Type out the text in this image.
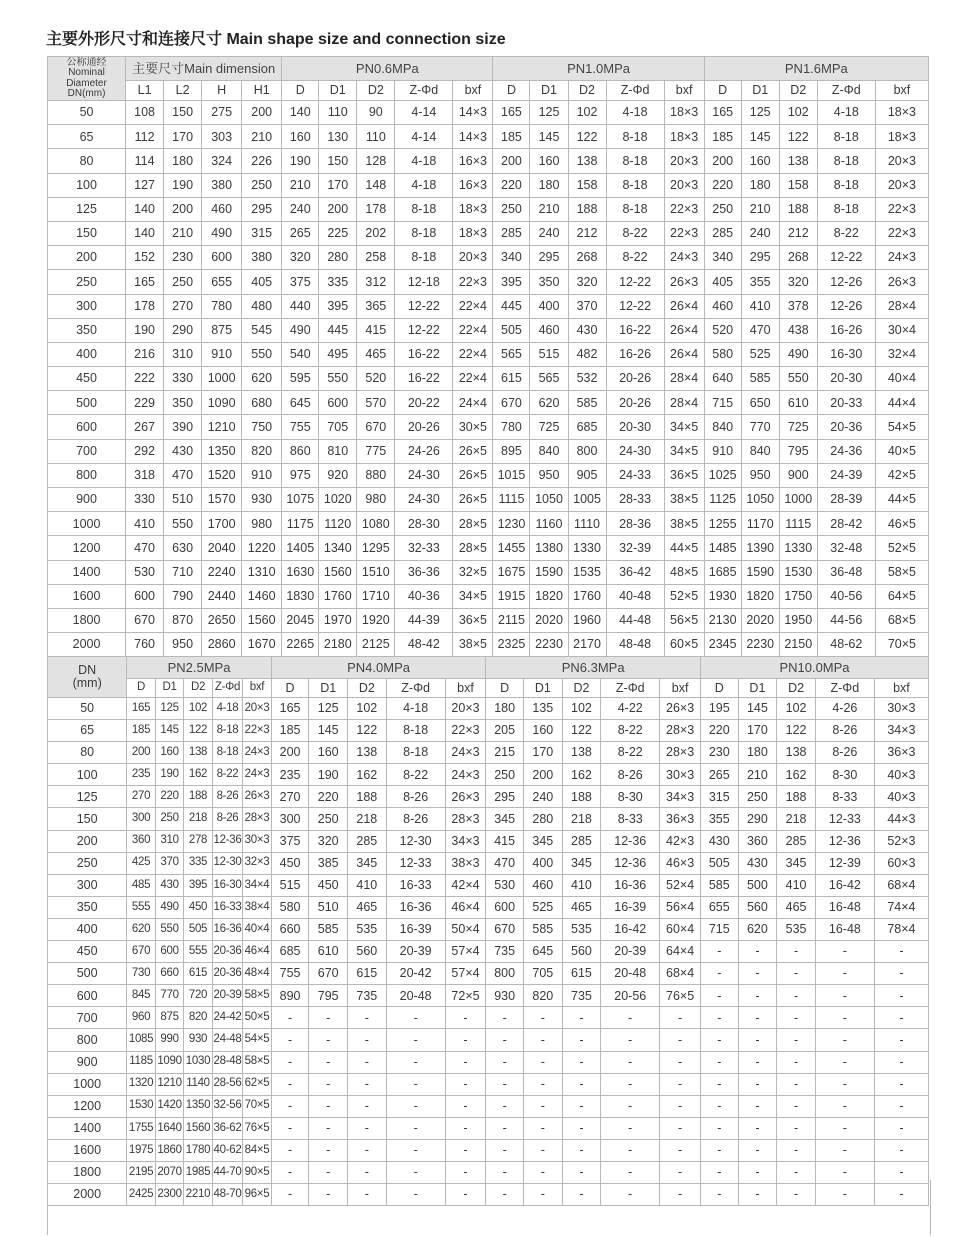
主要外形尺寸和连接尺寸 Main shape size and connection size
公称通经
Nominal
Diameter
DN(mm)	主要尺寸Main dimension				PN0.6MPa					PN1.0MPa					PN1.6MPa				
	L1	L2	H	H1	D	D1	D2	Z-Φd	bxf	D	D1	D2	Z-Φd	bxf	D	D1	D2	Z-Φd	bxf
50	108	150	275	200	140	110	90	4-14	14×3	165	125	102	4-18	18×3	165	125	102	4-18	18×3
65	112	170	303	210	160	130	110	4-14	14×3	185	145	122	8-18	18×3	185	145	122	8-18	18×3
80	114	180	324	226	190	150	128	4-18	16×3	200	160	138	8-18	20×3	200	160	138	8-18	20×3
100	127	190	380	250	210	170	148	4-18	16×3	220	180	158	8-18	20×3	220	180	158	8-18	20×3
125	140	200	460	295	240	200	178	8-18	18×3	250	210	188	8-18	22×3	250	210	188	8-18	22×3
150	140	210	490	315	265	225	202	8-18	18×3	285	240	212	8-22	22×3	285	240	212	8-22	22×3
200	152	230	600	380	320	280	258	8-18	20×3	340	295	268	8-22	24×3	340	295	268	12-22	24×3
250	165	250	655	405	375	335	312	12-18	22×3	395	350	320	12-22	26×3	405	355	320	12-26	26×3
300	178	270	780	480	440	395	365	12-22	22×4	445	400	370	12-22	26×4	460	410	378	12-26	28×4
350	190	290	875	545	490	445	415	12-22	22×4	505	460	430	16-22	26×4	520	470	438	16-26	30×4
400	216	310	910	550	540	495	465	16-22	22×4	565	515	482	16-26	26×4	580	525	490	16-30	32×4
450	222	330	1000	620	595	550	520	16-22	22×4	615	565	532	20-26	28×4	640	585	550	20-30	40×4
500	229	350	1090	680	645	600	570	20-22	24×4	670	620	585	20-26	28×4	715	650	610	20-33	44×4
600	267	390	1210	750	755	705	670	20-26	30×5	780	725	685	20-30	34×5	840	770	725	20-36	54×5
700	292	430	1350	820	860	810	775	24-26	26×5	895	840	800	24-30	34×5	910	840	795	24-36	40×5
800	318	470	1520	910	975	920	880	24-30	26×5	1015	950	905	24-33	36×5	1025	950	900	24-39	42×5
900	330	510	1570	930	1075	1020	980	24-30	26×5	1115	1050	1005	28-33	38×5	1125	1050	1000	28-39	44×5
1000	410	550	1700	980	1175	1120	1080	28-30	28×5	1230	1160	1110	28-36	38×5	1255	1170	1115	28-42	46×5
1200	470	630	2040	1220	1405	1340	1295	32-33	28×5	1455	1380	1330	32-39	44×5	1485	1390	1330	32-48	52×5
1400	530	710	2240	1310	1630	1560	1510	36-36	32×5	1675	1590	1535	36-42	48×5	1685	1590	1530	36-48	58×5
1600	600	790	2440	1460	1830	1760	1710	40-36	34×5	1915	1820	1760	40-48	52×5	1930	1820	1750	40-56	64×5
1800	670	870	2650	1560	2045	1970	1920	44-39	36×5	2115	2020	1960	44-48	56×5	2130	2020	1950	44-56	68×5
2000	760	950	2860	1670	2265	2180	2125	48-42	38×5	2325	2230	2170	48-48	60×5	2345	2230	2150	48-62	70×5
DN
(mm)	PN2.5MPa					PN4.0MPa					PN6.3MPa					PN10.0MPa				
	D	D1	D2	Z-Φd	bxf	D	D1	D2	Z-Φd	bxf	D	D1	D2	Z-Φd	bxf	D	D1	D2	Z-Φd	bxf
50	165	125	102	4-18	20×3	165	125	102	4-18	20×3	180	135	102	4-22	26×3	195	145	102	4-26	30×3
65	185	145	122	8-18	22×3	185	145	122	8-18	22×3	205	160	122	8-22	28×3	220	170	122	8-26	34×3
80	200	160	138	8-18	24×3	200	160	138	8-18	24×3	215	170	138	8-22	28×3	230	180	138	8-26	36×3
100	235	190	162	8-22	24×3	235	190	162	8-22	24×3	250	200	162	8-26	30×3	265	210	162	8-30	40×3
125	270	220	188	8-26	26×3	270	220	188	8-26	26×3	295	240	188	8-30	34×3	315	250	188	8-33	40×3
150	300	250	218	8-26	28×3	300	250	218	8-26	28×3	345	280	218	8-33	36×3	355	290	218	12-33	44×3
200	360	310	278	12-36	30×3	375	320	285	12-30	34×3	415	345	285	12-36	42×3	430	360	285	12-36	52×3
250	425	370	335	12-30	32×3	450	385	345	12-33	38×3	470	400	345	12-36	46×3	505	430	345	12-39	60×3
300	485	430	395	16-30	34×4	515	450	410	16-33	42×4	530	460	410	16-36	52×4	585	500	410	16-42	68×4
350	555	490	450	16-33	38×4	580	510	465	16-36	46×4	600	525	465	16-39	56×4	655	560	465	16-48	74×4
400	620	550	505	16-36	40×4	660	585	535	16-39	50×4	670	585	535	16-42	60×4	715	620	535	16-48	78×4
450	670	600	555	20-36	46×4	685	610	560	20-39	57×4	735	645	560	20-39	64×4	-	-	-	-	-
500	730	660	615	20-36	48×4	755	670	615	20-42	57×4	800	705	615	20-48	68×4	-	-	-	-	-
600	845	770	720	20-39	58×5	890	795	735	20-48	72×5	930	820	735	20-56	76×5	-	-	-	-	-
700	960	875	820	24-42	50×5	-	-	-	-	-	-	-	-	-	-	-	-	-	-	-
800	1085	990	930	24-48	54×5	-	-	-	-	-	-	-	-	-	-	-	-	-	-	-
900	1185	1090	1030	28-48	58×5	-	-	-	-	-	-	-	-	-	-	-	-	-	-	-
1000	1320	1210	1140	28-56	62×5	-	-	-	-	-	-	-	-	-	-	-	-	-	-	-
1200	1530	1420	1350	32-56	70×5	-	-	-	-	-	-	-	-	-	-	-	-	-	-	-
1400	1755	1640	1560	36-62	76×5	-	-	-	-	-	-	-	-	-	-	-	-	-	-	-
1600	1975	1860	1780	40-62	84×5	-	-	-	-	-	-	-	-	-	-	-	-	-	-	-
1800	2195	2070	1985	44-70	90×5	-	-	-	-	-	-	-	-	-	-	-	-	-	-	-
2000	2425	2300	2210	48-70	96×5	-	-	-	-	-	-	-	-	-	-	-	-	-	-	-
